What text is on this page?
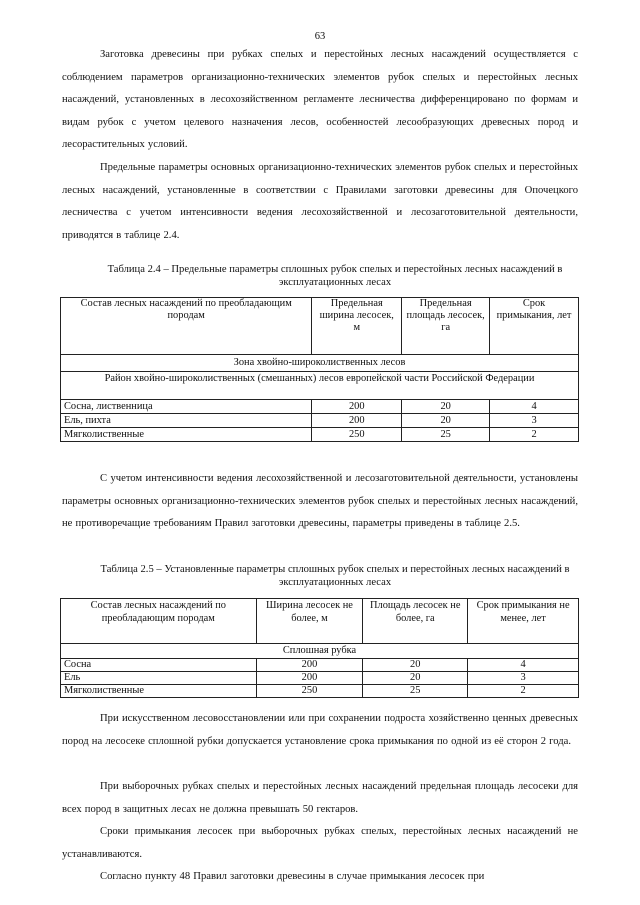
63

Заготовка древесины при рубках спелых и перестойных лесных насаждений осуществляется с соблюдением параметров организационно-технических элементов рубок спелых и перестойных лесных насаждений, установленных в лесохозяйственном регламенте лесничества дифференцировано по формам и видам рубок с учетом целевого назначения лесов, особенностей лесообразующих древесных пород и лесорастительных условий.

Предельные параметры основных организационно-технических элементов рубок спелых и перестойных лесных насаждений, установленные в соответствии с Правилами заготовки древесины для Опочецкого лесничества с учетом интенсивности ведения лесохозяйственной и лесозаготовительной деятельности, приводятся в таблице 2.4.

Таблица 2.4 – Предельные параметры сплошных рубок спелых и перестойных лесных насаждений в эксплуатационных лесах

Состав лесных насаждений по преобладающим породам	Предельная ширина лесосек, м	Предельная площадь лесосек, га	Срок примыкания, лет
Зона хвойно-широколиственных лесов			
Район хвойно-широколиственных (смешанных) лесов европейской части Российской Федерации			
Сосна, лиственница	200	20	4
Ель, пихта	200	20	3
Мягколиственные	250	25	2

С учетом интенсивности ведения лесохозяйственной и лесозаготовительной деятельности, установлены параметры основных организационно-технических элементов рубок спелых и перестойных лесных насаждений, не противоречащие требованиям Правил заготовки древесины, параметры приведены в таблице 2.5.

Таблица 2.5 – Установленные параметры сплошных рубок спелых и перестойных лесных насаждений в эксплуатационных лесах

Состав лесных насаждений по преобладающим породам	Ширина лесосек не более, м	Площадь лесосек не более, га	Срок примыкания не менее, лет
Сплошная рубка			
Сосна	200	20	4
Ель	200	20	3
Мягколиственные	250	25	2

При искусственном лесовосстановлении или при сохранении подроста хозяйственно ценных древесных пород на лесосеке сплошной рубки допускается установление срока примыкания по одной из её сторон 2 года.

При выборочных рубках спелых и перестойных лесных насаждений предельная площадь лесосеки для всех пород в защитных лесах не должна превышать 50 гектаров.

Сроки примыкания лесосек при выборочных рубках спелых, перестойных лесных насаждений не устанавливаются.

Согласно пункту 48 Правил заготовки древесины в случае примыкания лесосек при
